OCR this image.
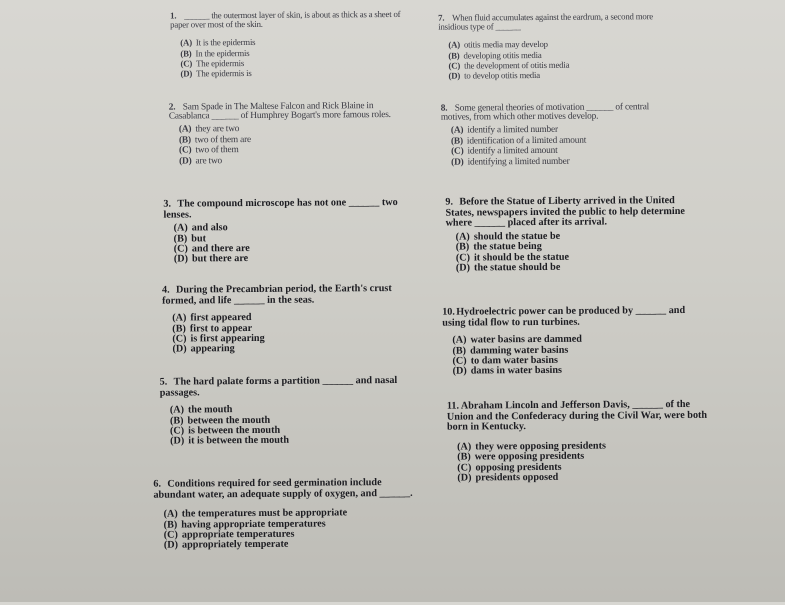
1. ______ the outermost layer of skin, is about as thick as a sheet of paper over most of the skin.
(A) It is the epidermis
(B) In the epidermis
(C) The epidermis
(D) The epidermis is
2. Sam Spade in The Maltese Falcon and Rick Blaine in Casablanca ______ of Humphrey Bogart's more famous roles.
(A) they are two
(B) two of them are
(C) two of them
(D) are two
3. The compound microscope has not one ______ two lenses.
(A) and also
(B) but
(C) and there are
(D) but there are
4. During the Precambrian period, the Earth's crust formed, and life ______ in the seas.
(A) first appeared
(B) first to appear
(C) is first appearing
(D) appearing
5. The hard palate forms a partition ______ and nasal passages.
(A) the mouth
(B) between the mouth
(C) is between the mouth
(D) it is between the mouth
6. Conditions required for seed germination include abundant water, an adequate supply of oxygen, and ______.
(A) the temperatures must be appropriate
(B) having appropriate temperatures
(C) appropriate temperatures
(D) appropriately temperate
7. When fluid accumulates against the eardrum, a second more insidious type of ______
(A) otitis media may develop
(B) developing otitis media
(C) the development of otitis media
(D) to develop otitis media
8. Some general theories of motivation ______ of central motives, from which other motives develop.
(A) identify a limited number
(B) identification of a limited amount
(C) identify a limited amount
(D) identifying a limited number
9. Before the Statue of Liberty arrived in the United States, newspapers invited the public to help determine where ______ placed after its arrival.
(A) should the statue be
(B) the statue being
(C) it should be the statue
(D) the statue should be
10.Hydroelectric power can be produced by ______ and using tidal flow to run turbines.
(A) water basins are dammed
(B) damming water basins
(C) to dam water basins
(D) dams in water basins
11. Abraham Lincoln and Jefferson Davis, ______ of the Union and the Confederacy during the Civil War, were both born in Kentucky.
(A) they were opposing presidents
(B) were opposing presidents
(C) opposing presidents
(D) presidents opposed
